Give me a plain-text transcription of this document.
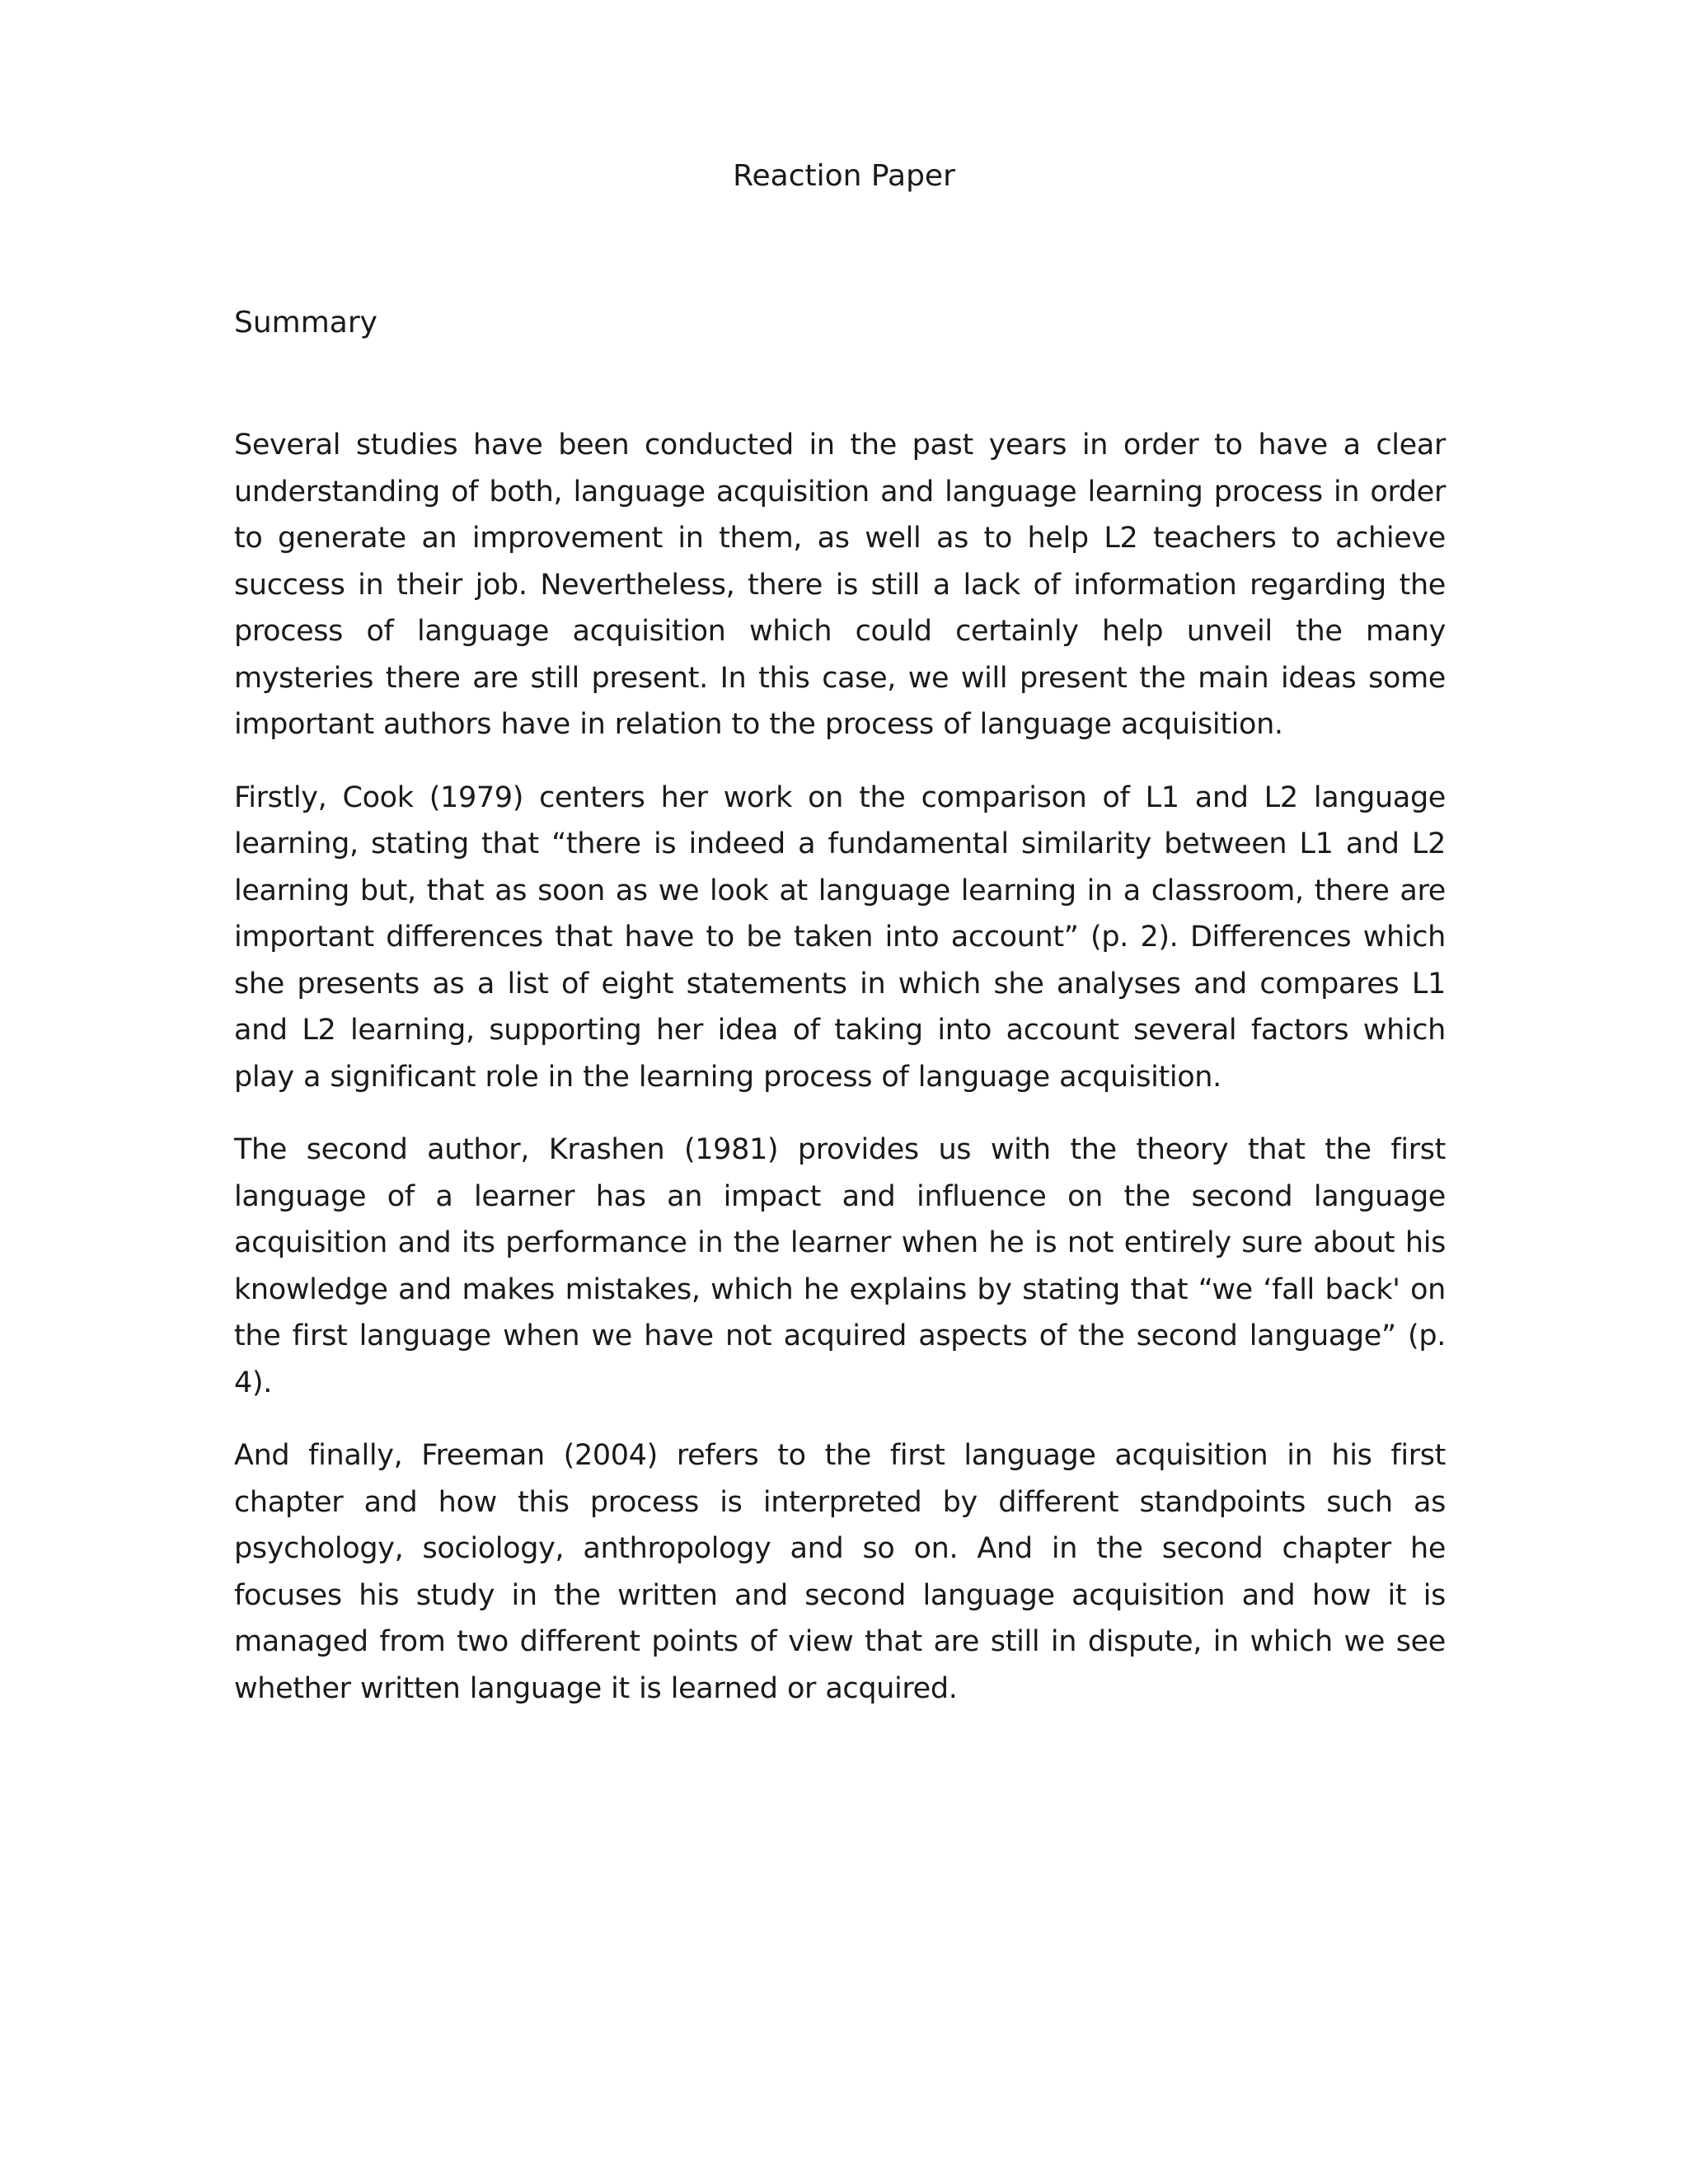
Reaction Paper
Summary

Several studies have been conducted in the past years in order to have a clear understanding of both, language acquisition and language learning process in order to generate an improvement in them, as well as to help L2 teachers to achieve success in their job. Nevertheless, there is still a lack of information regarding the process of language acquisition which could certainly help unveil the many mysteries there are still present. In this case, we will present the main ideas some important authors have in relation to the process of language acquisition.

Firstly, Cook (1979) centers her work on the comparison of L1 and L2 language learning, stating that “there is indeed a fundamental similarity between L1 and L2 learning but, that as soon as we look at language learning in a classroom, there are important differences that have to be taken into account” (p. 2). Differences which she presents as a list of eight statements in which she analyses and compares L1 and L2 learning, supporting her idea of taking into account several factors which play a significant role in the learning process of language acquisition.

The second author, Krashen (1981) provides us with the theory that the first language of a learner has an impact and influence on the second language acquisition and its performance in the learner when he is not entirely sure about his knowledge and makes mistakes, which he explains by stating that “we ‘fall back' on the first language when we have not acquired aspects of the second language” (p. 4).

And finally, Freeman (2004) refers to the first language acquisition in his first chapter and how this process is interpreted by different standpoints such as psychology, sociology, anthropology and so on. And in the second chapter he focuses his study in the written and second language acquisition and how it is managed from two different points of view that are still in dispute, in which we see whether written language it is learned or acquired.
